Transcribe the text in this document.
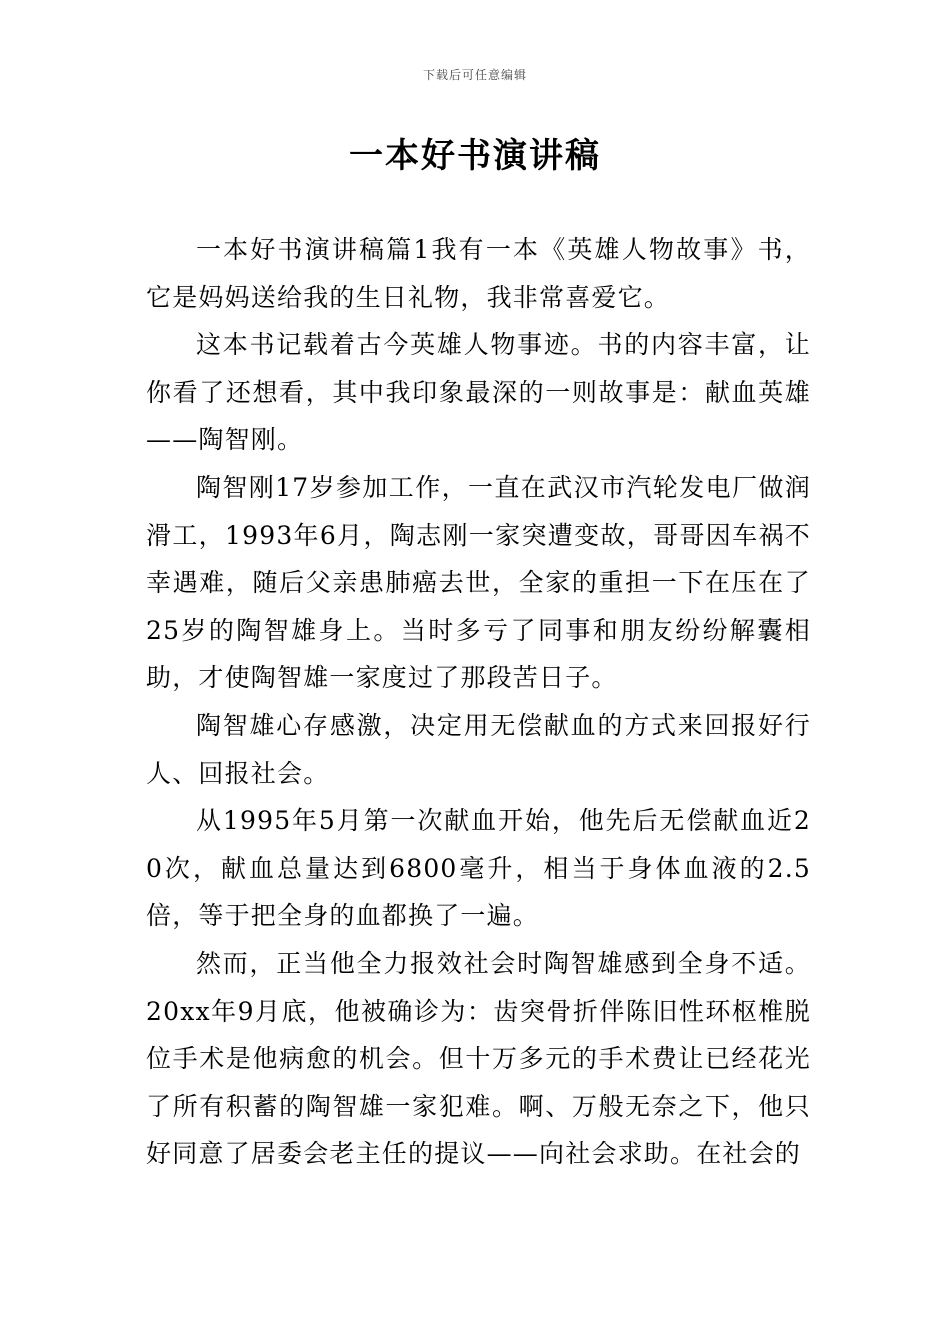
下载后可任意编辑
一本好书演讲稿

一本好书演讲稿篇1我有一本《英雄人物故事》书，它是妈妈送给我的生日礼物，我非常喜爱它。

这本书记载着古今英雄人物事迹。书的内容丰富，让你看了还想看，其中我印象最深的一则故事是：献血英雄——陶智刚。

陶智刚17岁参加工作，一直在武汉市汽轮发电厂做润滑工，1993年6月，陶志刚一家突遭变故，哥哥因车祸不幸遇难，随后父亲患肺癌去世，全家的重担一下在压在了25岁的陶智雄身上。当时多亏了同事和朋友纷纷解囊相助，才使陶智雄一家度过了那段苦日子。

陶智雄心存感激，决定用无偿献血的方式来回报好行人、回报社会。

从1995年5月第一次献血开始，他先后无偿献血近20次，献血总量达到6800毫升，相当于身体血液的2.5倍，等于把全身的血都换了一遍。

然而，正当他全力报效社会时陶智雄感到全身不适。20xx年9月底，他被确诊为：齿突骨折伴陈旧性环枢椎脱位手术是他病愈的机会。但十万多元的手术费让已经花光了所有积蓄的陶智雄一家犯难。啊、万般无奈之下，他只好同意了居委会老主任的提议——向社会求助。在社会的
